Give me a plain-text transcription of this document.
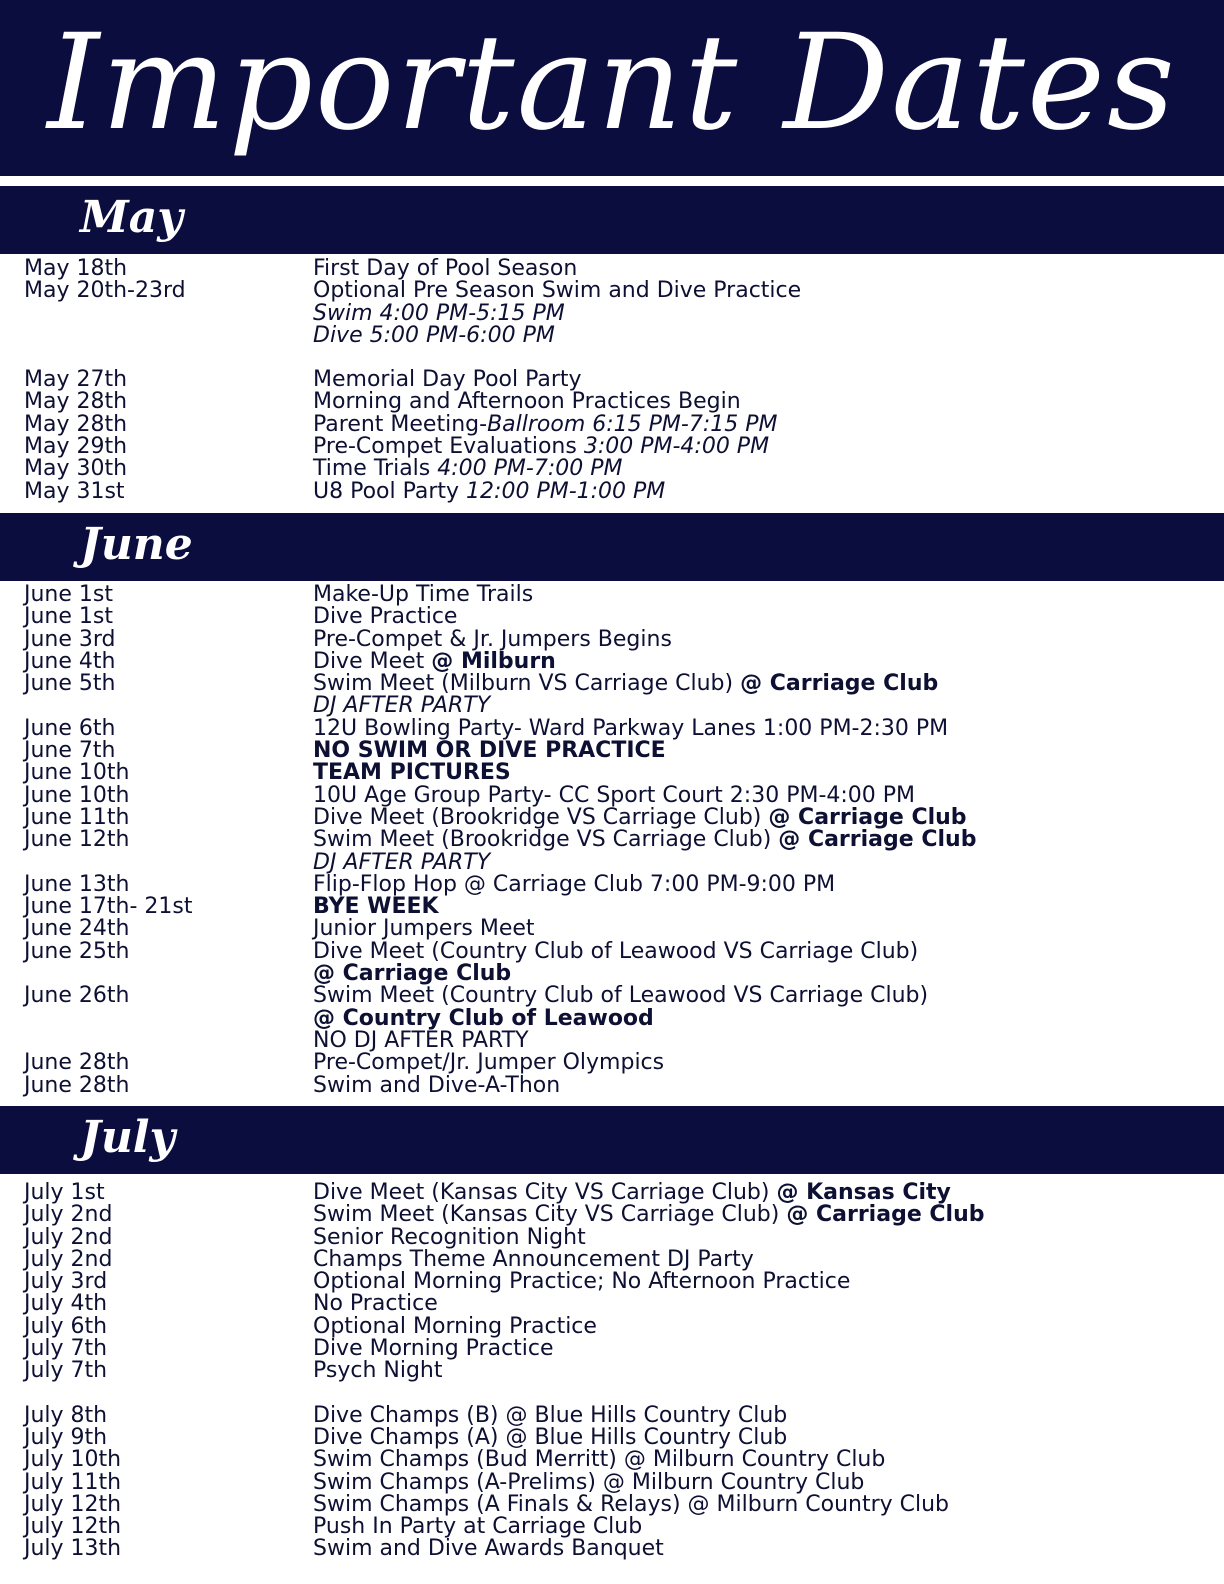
Important Dates
May
May 18th	First Day of Pool Season
May 20th-23rd	Optional Pre Season Swim and Dive Practice
Swim 4:00 PM-5:15 PM
Dive 5:00 PM-6:00 PM
May 27th	Memorial Day Pool Party
May 28th	Morning and Afternoon Practices Begin
May 28th	Parent Meeting-Ballroom 6:15 PM-7:15 PM
May 29th	Pre-Compet Evaluations 3:00 PM-4:00 PM
May 30th	Time Trials 4:00 PM-7:00 PM
May 31st	U8 Pool Party 12:00 PM-1:00 PM
June
June 1st	Make-Up Time Trails
June 1st	Dive Practice
June 3rd	Pre-Compet & Jr. Jumpers Begins
June 4th	Dive Meet @ Milburn
June 5th	Swim Meet (Milburn VS Carriage Club) @ Carriage Club
DJ AFTER PARTY
June 6th	12U Bowling Party- Ward Parkway Lanes 1:00 PM-2:30 PM
June 7th	NO SWIM OR DIVE PRACTICE
June 10th	TEAM PICTURES
June 10th	10U Age Group Party- CC Sport Court 2:30 PM-4:00 PM
June 11th	Dive Meet (Brookridge VS Carriage Club) @ Carriage Club
June 12th	Swim Meet (Brookridge VS Carriage Club) @ Carriage Club
DJ AFTER PARTY
June 13th	Flip-Flop Hop @ Carriage Club 7:00 PM-9:00 PM
June 17th- 21st	BYE WEEK
June 24th	Junior Jumpers Meet
June 25th	Dive Meet (Country Club of Leawood VS Carriage Club)
@ Carriage Club
June 26th	Swim Meet (Country Club of Leawood VS Carriage Club)
@ Country Club of Leawood
NO DJ AFTER PARTY
June 28th	Pre-Compet/Jr. Jumper Olympics
June 28th	Swim and Dive-A-Thon
July
July 1st	Dive Meet (Kansas City VS Carriage Club) @ Kansas City
July 2nd	Swim Meet (Kansas City VS Carriage Club) @ Carriage Club
July 2nd	Senior Recognition Night
July 2nd	Champs Theme Announcement DJ Party
July 3rd	Optional Morning Practice; No Afternoon Practice
July 4th	No Practice
July 6th	Optional Morning Practice
July 7th	Dive Morning Practice
July 7th	Psych Night
July 8th	Dive Champs (B) @ Blue Hills Country Club
July 9th	Dive Champs (A) @ Blue Hills Country Club
July 10th	Swim Champs (Bud Merritt) @ Milburn Country Club
July 11th	Swim Champs (A-Prelims) @ Milburn Country Club
July 12th	Swim Champs (A Finals & Relays) @ Milburn Country Club
July 12th	Push In Party at Carriage Club
July 13th	Swim and Dive Awards Banquet
